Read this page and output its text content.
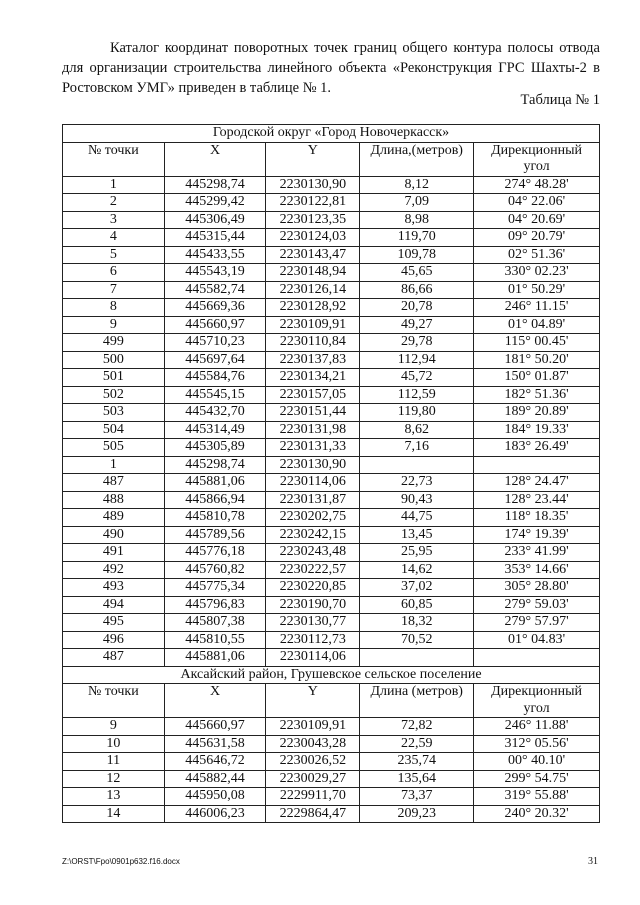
Каталог координат поворотных точек границ общего контура полосы отвода для организации строительства линейного объекта «Реконструкция ГРС Шахты-2 в Ростовском УМГ» приведен в таблице № 1.

Таблица № 1
Городской округ «Город Новочеркасск»				
№ точки	X	Y	Длина,(метров)	Дирекционный угол
1	445298,74	2230130,90	8,12	274° 48.28'
2	445299,42	2230122,81	7,09	04° 22.06'
3	445306,49	2230123,35	8,98	04° 20.69'
4	445315,44	2230124,03	119,70	09° 20.79'
5	445433,55	2230143,47	109,78	02° 51.36'
6	445543,19	2230148,94	45,65	330° 02.23'
7	445582,74	2230126,14	86,66	01° 50.29'
8	445669,36	2230128,92	20,78	246° 11.15'
9	445660,97	2230109,91	49,27	01° 04.89'
499	445710,23	2230110,84	29,78	115° 00.45'
500	445697,64	2230137,83	112,94	181° 50.20'
501	445584,76	2230134,21	45,72	150° 01.87'
502	445545,15	2230157,05	112,59	182° 51.36'
503	445432,70	2230151,44	119,80	189° 20.89'
504	445314,49	2230131,98	8,62	184° 19.33'
505	445305,89	2230131,33	7,16	183° 26.49'
1	445298,74	2230130,90		
487	445881,06	2230114,06	22,73	128° 24.47'
488	445866,94	2230131,87	90,43	128° 23.44'
489	445810,78	2230202,75	44,75	118° 18.35'
490	445789,56	2230242,15	13,45	174° 19.39'
491	445776,18	2230243,48	25,95	233° 41.99'
492	445760,82	2230222,57	14,62	353° 14.66'
493	445775,34	2230220,85	37,02	305° 28.80'
494	445796,83	2230190,70	60,85	279° 59.03'
495	445807,38	2230130,77	18,32	279° 57.97'
496	445810,55	2230112,73	70,52	01° 04.83'
487	445881,06	2230114,06		
Аксайский район, Грушевское сельское поселение				
№ точки	X	Y	Длина (метров)	Дирекционный угол
9	445660,97	2230109,91	72,82	246° 11.88'
10	445631,58	2230043,28	22,59	312° 05.56'
11	445646,72	2230026,52	235,74	00° 40.10'
12	445882,44	2230029,27	135,64	299° 54.75'
13	445950,08	2229911,70	73,37	319° 55.88'
14	446006,23	2229864,47	209,23	240° 20.32'
Z:\ORST\Fpo\0901p632.f16.docx	31
